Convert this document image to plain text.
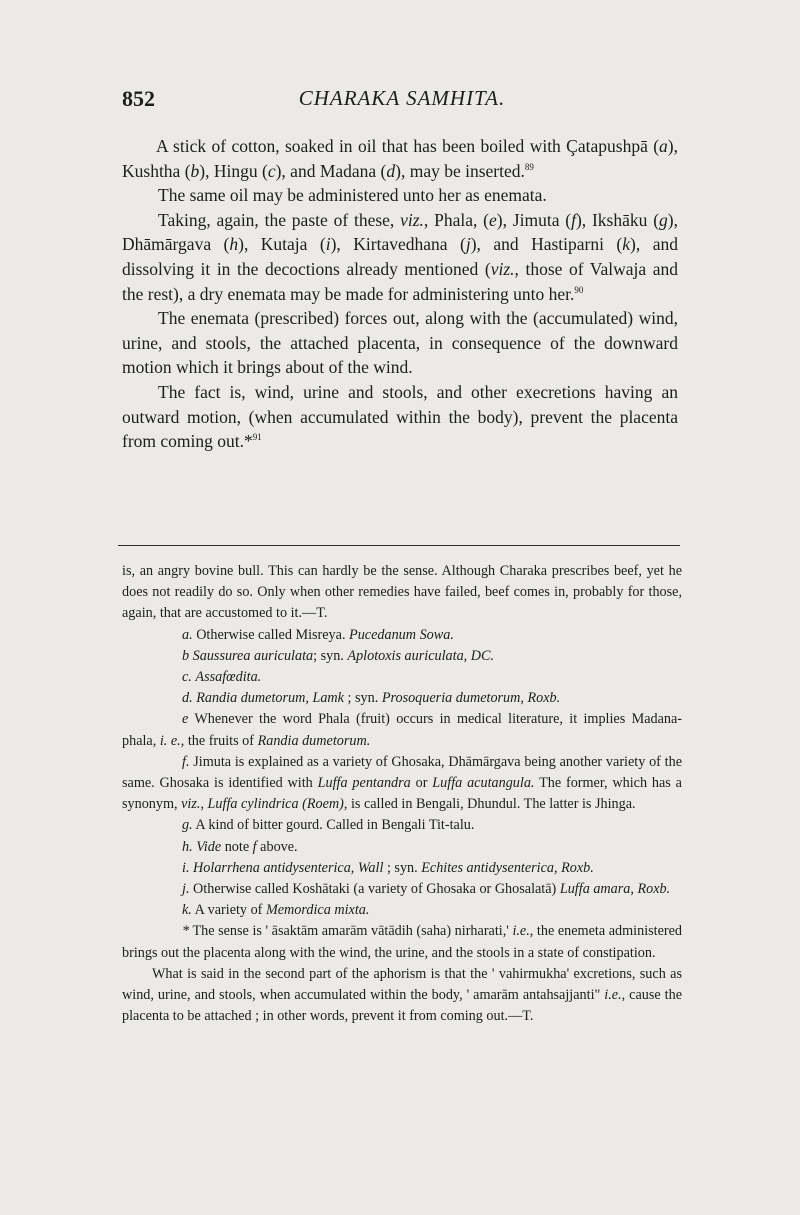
852	CHARAKA SAMHITA.

A stick of cotton, soaked in oil that has been boiled with Çatapushpā (a), Kushtha (b), Hingu (c), and Madana (d), may be inserted.$^{89}$

The same oil may be administered unto her as enemata.

Taking, again, the paste of these, viz., Phala, (e), Jimuta (f), Ikshāku (g), Dhāmārgava (h), Kutaja (i), Kirtavedhana (j), and Hastiparni (k), and dissolving it in the decoctions already mentioned (viz., those of Valwaja and the rest), a dry enemata may be made for administering unto her.$^{90}$

The enemata (prescribed) forces out, along with the (accumulated) wind, urine, and stools, the attached placenta, in consequence of the downward motion which it brings about of the wind.

The fact is, wind, urine and stools, and other execretions having an outward motion, (when accumulated within the body), prevent the placenta from coming out.*$^{91}$

is, an angry bovine bull. This can hardly be the sense. Although Charaka prescribes beef, yet he does not readily do so. Only when other remedies have failed, beef comes in, probably for those, again, that are accustomed to it.—T.

a. Otherwise called Misreya. Pucedanum Sowa.

b Saussurea auriculata; syn. Aplotoxis auriculata, DC.

c. Assafœdita.

d. Randia dumetorum, Lamk ; syn. Prosoqueria dumetorum, Roxb.

e Whenever the word Phala (fruit) occurs in medical literature, it implies Madana-phala, i. e., the fruits of Randia dumetorum.

f. Jimuta is explained as a variety of Ghosaka, Dhāmārgava being another variety of the same. Ghosaka is identified with Luffa pentandra or Luffa acutangula. The former, which has a synonym, viz., Luffa cylindrica (Roem), is called in Bengali, Dhundul. The latter is Jhinga.

g. A kind of bitter gourd. Called in Bengali Tit-talu.

h. Vide note f above.

i. Holarrhena antidysenterica, Wall ; syn. Echites antidysenterica, Roxb.

j. Otherwise called Koshātaki (a variety of Ghosaka or Ghosalatā) Luffa amara, Roxb.

k. A variety of Memordica mixta.

* The sense is ' āsaktām amarām vātādih (saha) nirharati,' i.e., the enemeta administered brings out the placenta along with the wind, the urine, and the stools in a state of constipation.

What is said in the second part of the aphorism is that the ' vahirmukha' excretions, such as wind, urine, and stools, when accumulated within the body, ' amarām antahsajjanti" i.e., cause the placenta to be attached ; in other words, prevent it from coming out.—T.
